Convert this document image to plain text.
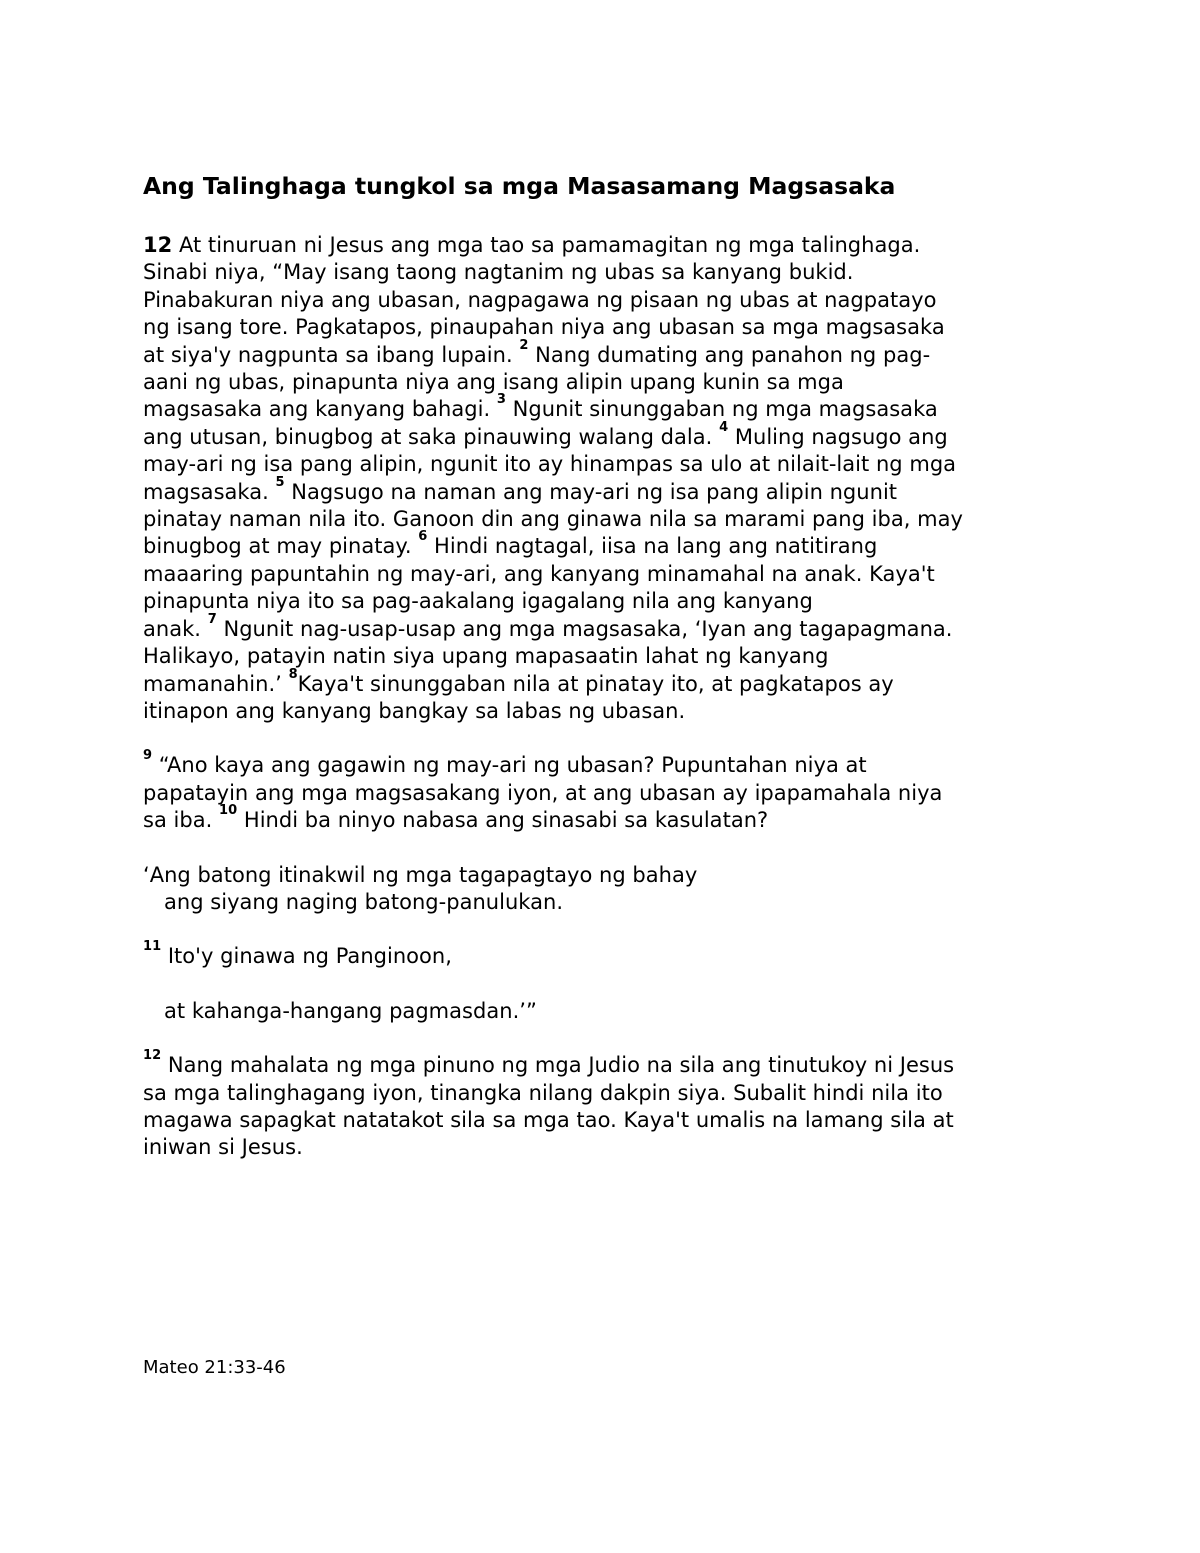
Ang Talinghaga tungkol sa mga Masasamang Magsasaka

12 At tinuruan ni Jesus ang mga tao sa pamamagitan ng mga talinghaga.
Sinabi niya, “May isang taong nagtanim ng ubas sa kanyang bukid.
Pinabakuran niya ang ubasan, nagpagawa ng pisaan ng ubas at nagpatayo
ng isang tore. Pagkatapos, pinaupahan niya ang ubasan sa mga magsasaka
at siya'y nagpunta sa ibang lupain. $^2$ Nang dumating ang panahon ng pag-
aani ng ubas, pinapunta niya ang isang alipin upang kunin sa mga
magsasaka ang kanyang bahagi. $^3$ Ngunit sinunggaban ng mga magsasaka
ang utusan, binugbog at saka pinauwing walang dala. $^4$ Muling nagsugo ang
may-ari ng isa pang alipin, ngunit ito ay hinampas sa ulo at nilait-lait ng mga
magsasaka. $^5$ Nagsugo na naman ang may-ari ng isa pang alipin ngunit
pinatay naman nila ito. Ganoon din ang ginawa nila sa marami pang iba, may
binugbog at may pinatay. $^6$ Hindi nagtagal, iisa na lang ang natitirang
maaaring papuntahin ng may-ari, ang kanyang minamahal na anak. Kaya't
pinapunta niya ito sa pag-aakalang igagalang nila ang kanyang
anak. $^7$ Ngunit nag-usap-usap ang mga magsasaka, ‘Iyan ang tagapagmana.
Halikayo, patayin natin siya upang mapasaatin lahat ng kanyang
mamanahin.’ $^8$Kaya't sinunggaban nila at pinatay ito, at pagkatapos ay
itinapon ang kanyang bangkay sa labas ng ubasan.

$^9$ “Ano kaya ang gagawin ng may-ari ng ubasan? Pupuntahan niya at
papatayin ang mga magsasakang iyon, at ang ubasan ay ipapamahala niya
sa iba. $^{10}$ Hindi ba ninyo nabasa ang sinasabi sa kasulatan?

‘Ang batong itinakwil ng mga tagapagtayo ng bahay
ang siyang naging batong-panulukan.

$^{11}$ Ito'y ginawa ng Panginoon,

at kahanga-hangang pagmasdan.’”

$^{12}$ Nang mahalata ng mga pinuno ng mga Judio na sila ang tinutukoy ni Jesus
sa mga talinghagang iyon, tinangka nilang dakpin siya. Subalit hindi nila ito
magawa sapagkat natatakot sila sa mga tao. Kaya't umalis na lamang sila at
iniwan si Jesus.

Mateo 21:33-46
